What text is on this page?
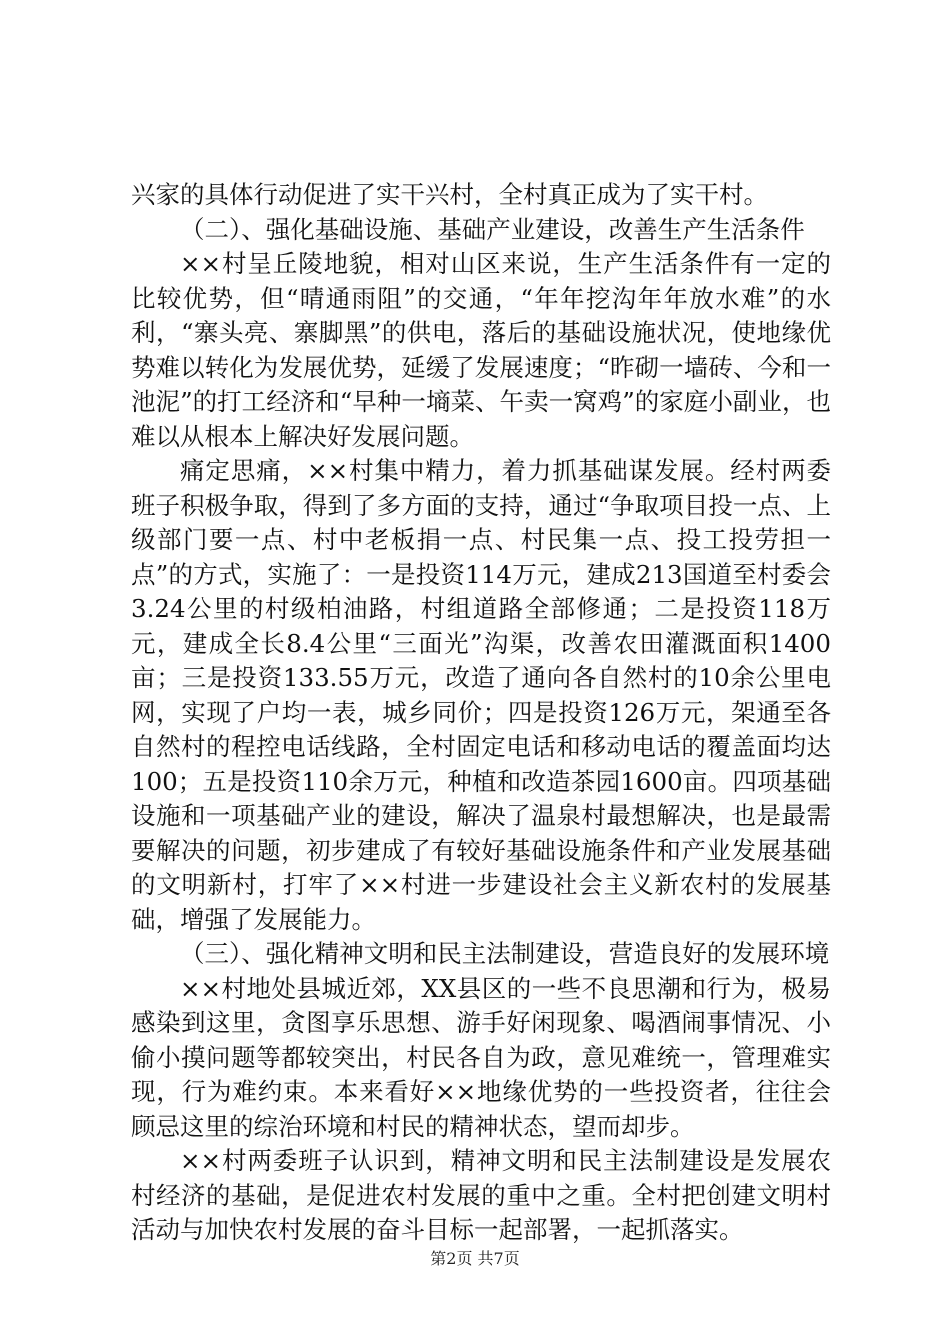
兴家的具体行动促进了实干兴村，全村真正成为了实干村。

（二）、强化基础设施、基础产业建设，改善生产生活条件

××村呈丘陵地貌，相对山区来说，生产生活条件有一定的比较优势，但“晴通雨阻”的交通，“年年挖沟年年放水难”的水利，“寨头亮、寨脚黑”的供电，落后的基础设施状况，使地缘优势难以转化为发展优势，延缓了发展速度；“昨砌一墙砖、今和一池泥”的打工经济和“早种一墒菜、午卖一窝鸡”的家庭小副业，也难以从根本上解决好发展问题。

痛定思痛，××村集中精力，着力抓基础谋发展。经村两委班子积极争取，得到了多方面的支持，通过“争取项目投一点、上级部门要一点、村中老板捐一点、村民集一点、投工投劳担一点”的方式，实施了：一是投资114万元，建成213国道至村委会3.24公里的村级柏油路，村组道路全部修通；二是投资118万元，建成全长8.4公里“三面光”沟渠，改善农田灌溉面积1400亩；三是投资133.55万元，改造了通向各自然村的10余公里电网，实现了户均一表，城乡同价；四是投资126万元，架通至各自然村的程控电话线路，全村固定电话和移动电话的覆盖面均达100；五是投资110余万元，种植和改造茶园1600亩。四项基础设施和一项基础产业的建设，解决了温泉村最想解决，也是最需要解决的问题，初步建成了有较好基础设施条件和产业发展基础的文明新村，打牢了××村进一步建设社会主义新农村的发展基础，增强了发展能力。

（三）、强化精神文明和民主法制建设，营造良好的发展环境

××村地处县城近郊，XX县区的一些不良思潮和行为，极易感染到这里，贪图享乐思想、游手好闲现象、喝酒闹事情况、小偷小摸问题等都较突出，村民各自为政，意见难统一，管理难实现，行为难约束。本来看好××地缘优势的一些投资者，往往会顾忌这里的综治环境和村民的精神状态，望而却步。

××村两委班子认识到，精神文明和民主法制建设是发展农村经济的基础，是促进农村发展的重中之重。全村把创建文明村活动与加快农村发展的奋斗目标一起部署，一起抓落实。

第2页 共7页
